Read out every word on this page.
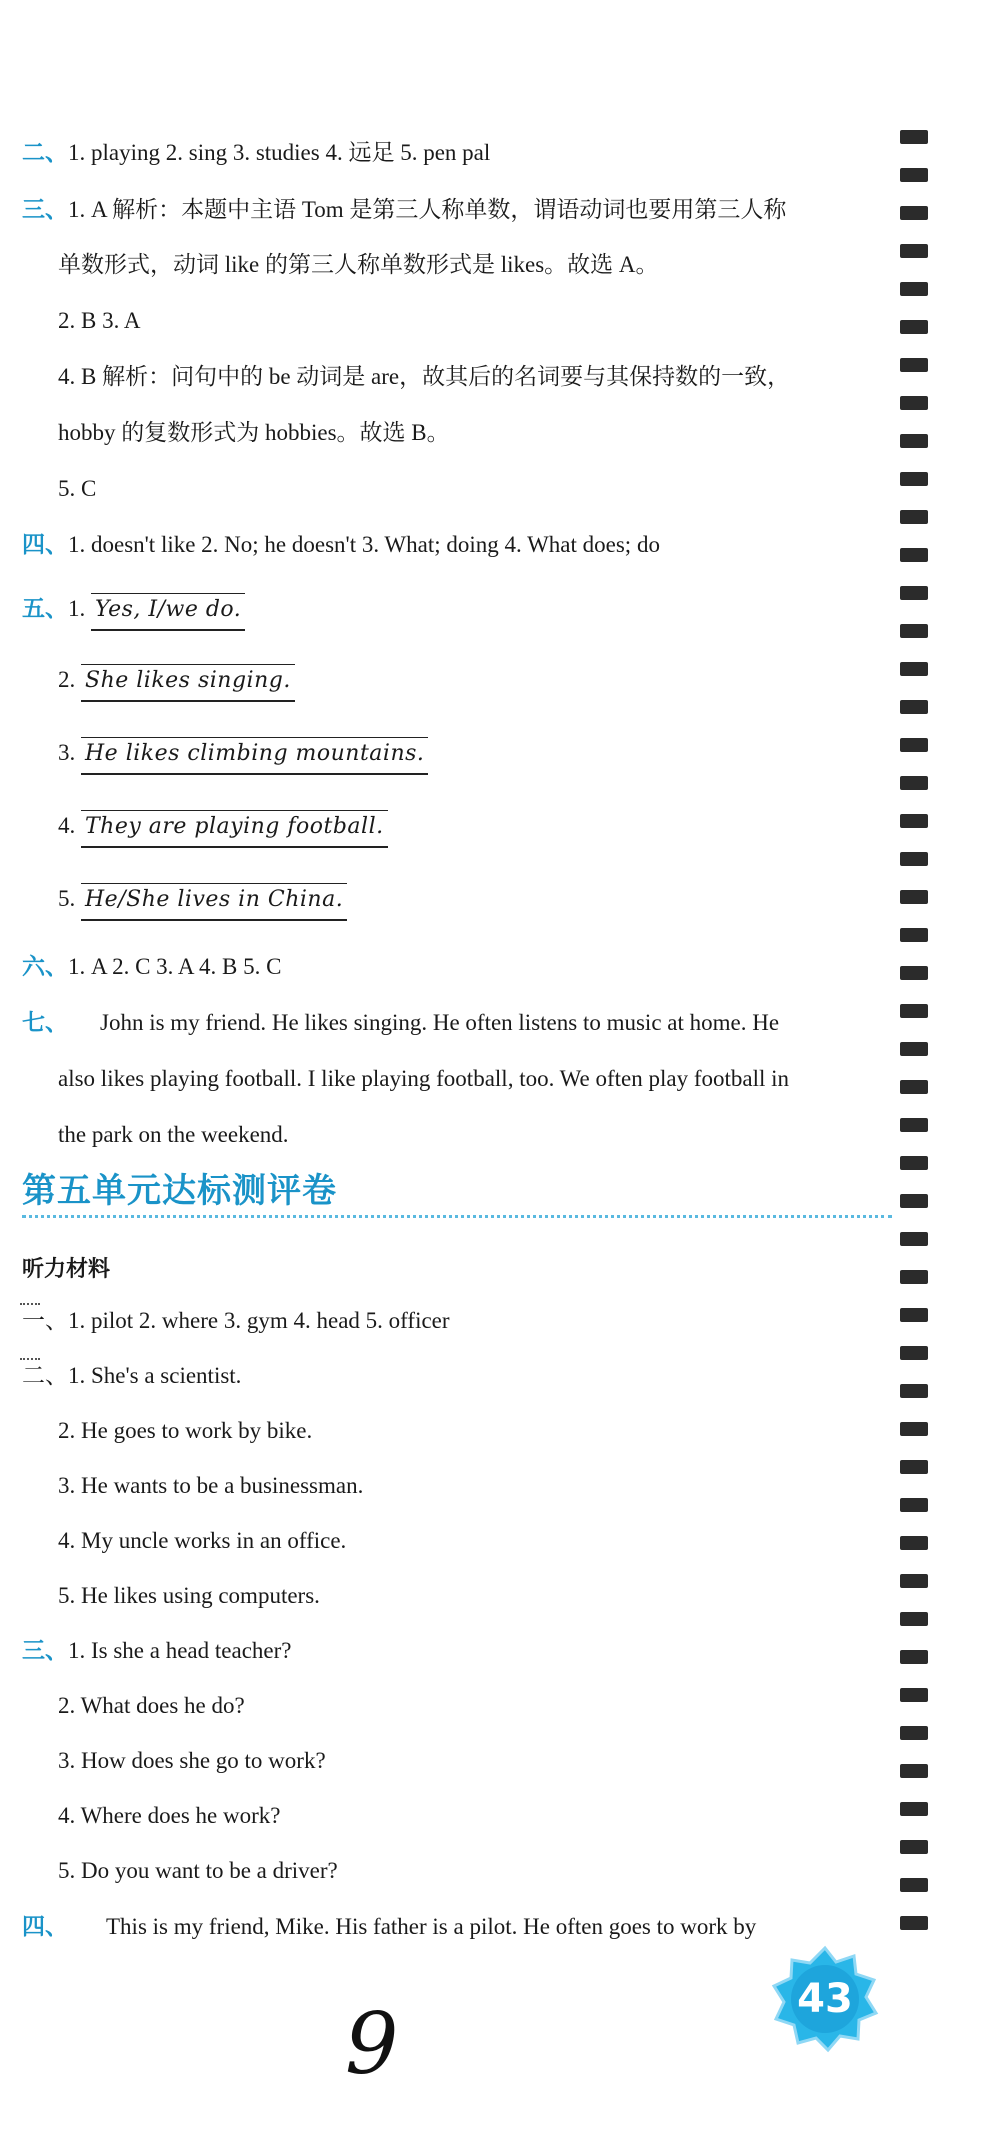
二、1. playing 2. sing 3. studies 4. 远足 5. pen pal
三、1. A 解析：本题中主语 Tom 是第三人称单数，谓语动词也要用第三人称
单数形式，动词 like 的第三人称单数形式是 likes。故选 A。
2. B 3. A
4. B 解析：问句中的 be 动词是 are，故其后的名词要与其保持数的一致，
hobby 的复数形式为 hobbies。故选 B。
5. C
四、1. doesn't like 2. No; he doesn't 3. What; doing 4. What does; do
五、1. Yes, I/we do.
2. She likes singing.
3. He likes climbing mountains.
4. They are playing football.
5. He/She lives in China.
六、1. A 2. C 3. A 4. B 5. C
七、 John is my friend. He likes singing. He often listens to music at home. He
also likes playing football. I like playing football, too. We often play football in
the park on the weekend.
第五单元达标测评卷
听力材料
一、1. pilot 2. where 3. gym 4. head 5. officer
二、1. She's a scientist.
2. He goes to work by bike.
3. He wants to be a businessman.
4. My uncle works in an office.
5. He likes using computers.
三、1. Is she a head teacher?
2. What does he do?
3. How does she go to work?
4. Where does he work?
5. Do you want to be a driver?
四、 This is my friend, Mike. His father is a pilot. He often goes to work by
9	43
